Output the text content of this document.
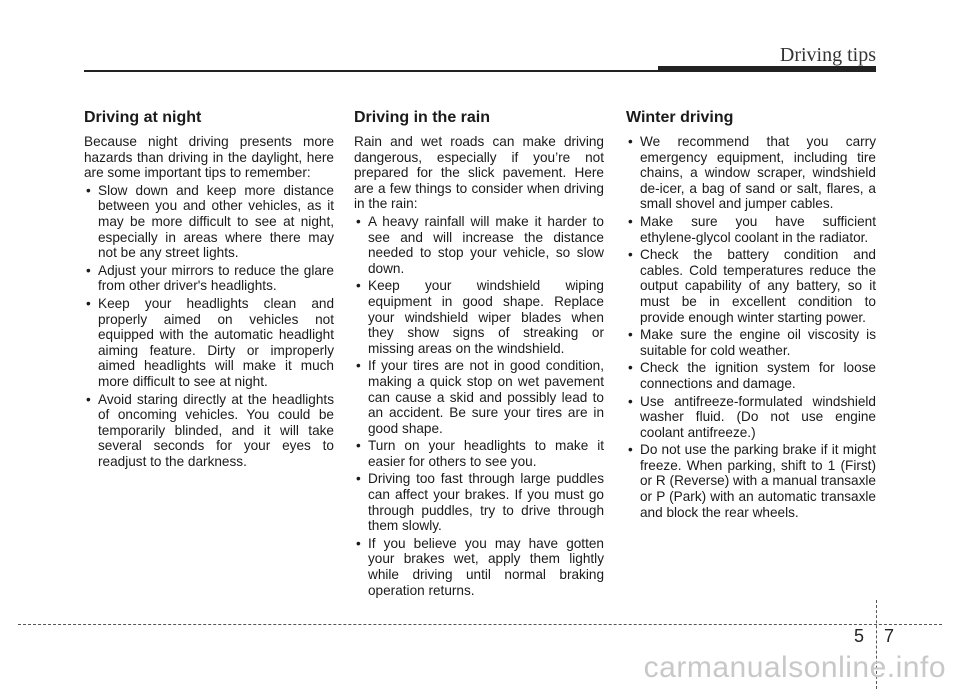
Driving tips
Driving at night

Because night driving presents more hazards than driving in the daylight, here are some important tips to remember:

• Slow down and keep more distance between you and other vehicles, as it may be more difficult to see at night, especially in areas where there may not be any street lights.
• Adjust your mirrors to reduce the glare from other driver's headlights.
• Keep your headlights clean and properly aimed on vehicles not equipped with the automatic headlight aiming feature. Dirty or improperly aimed headlights will make it much more difficult to see at night.
• Avoid staring directly at the headlights of oncoming vehicles. You could be temporarily blinded, and it will take several seconds for your eyes to readjust to the darkness.
Driving in the rain

Rain and wet roads can make driving dangerous, especially if you’re not prepared for the slick pavement. Here are a few things to consider when driving in the rain:

• A heavy rainfall will make it harder to see and will increase the distance needed to stop your vehicle, so slow down.
• Keep your windshield wiping equipment in good shape. Replace your windshield wiper blades when they show signs of streaking or missing areas on the windshield.
• If your tires are not in good condition, making a quick stop on wet pavement can cause a skid and possibly lead to an accident. Be sure your tires are in good shape.
• Turn on your headlights to make it easier for others to see you.
• Driving too fast through large puddles can affect your brakes. If you must go through puddles, try to drive through them slowly.
• If you believe you may have gotten your brakes wet, apply them lightly while driving until normal braking operation returns.
Winter driving
• We recommend that you carry emergency equipment, including tire chains, a window scraper, windshield de-icer, a bag of sand or salt, flares, a small shovel and jumper cables.
• Make sure you have sufficient ethylene-glycol coolant in the radiator.
• Check the battery condition and cables. Cold temperatures reduce the output capability of any battery, so it must be in excellent condition to provide enough winter starting power.
• Make sure the engine oil viscosity is suitable for cold weather.
• Check the ignition system for loose connections and damage.
• Use antifreeze-formulated windshield washer fluid. (Do not use engine coolant antifreeze.)
• Do not use the parking brake if it might freeze. When parking, shift to 1 (First) or R (Reverse) with a manual transaxle or P (Park) with an automatic transaxle and block the rear wheels.
5 7
carmanualsonline.info
